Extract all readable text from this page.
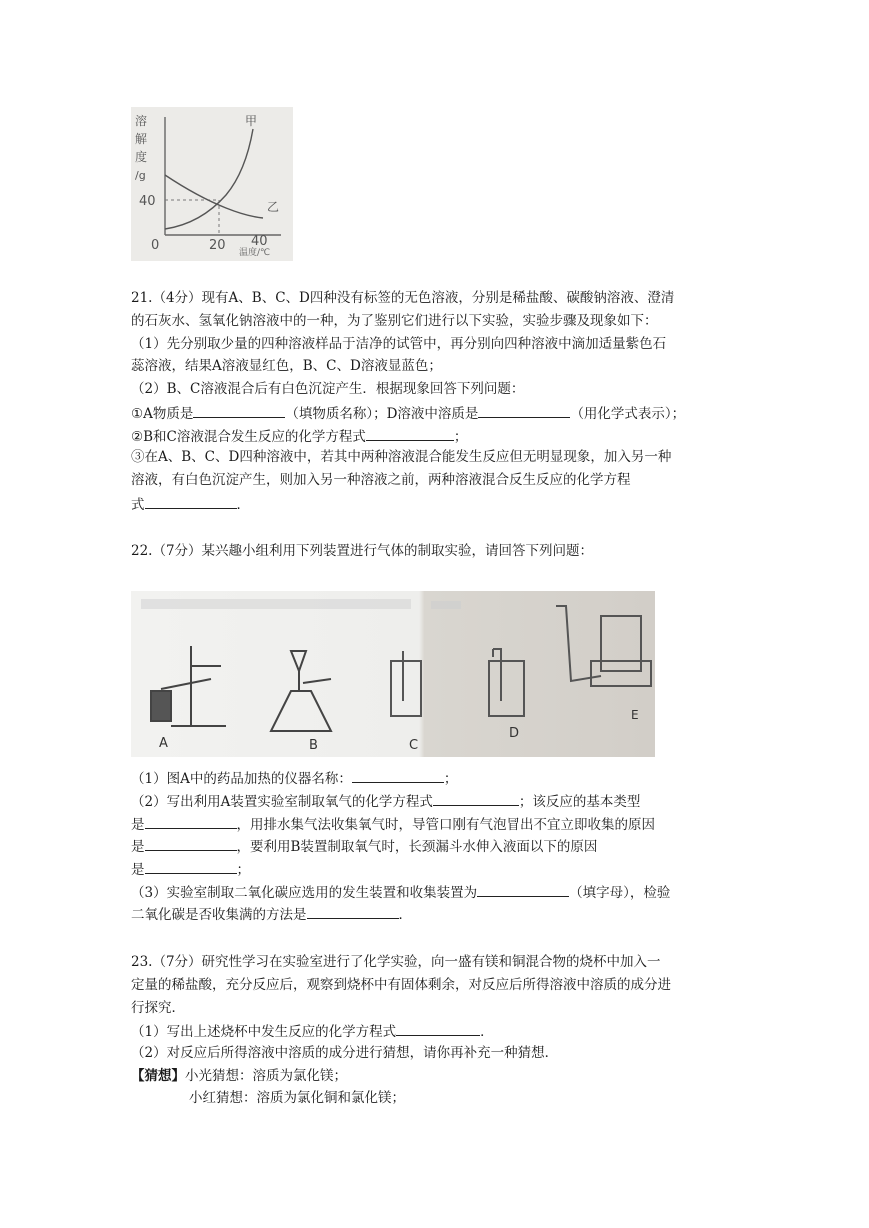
溶
解
度
/g
40
0	20 40
温度/℃
甲
乙
21.（4分）现有A、B、C、D四种没有标签的无色溶液，分别是稀盐酸、碳酸钠溶液、澄清
的石灰水、氢氧化钠溶液中的一种，为了鉴别它们进行以下实验，实验步骤及现象如下：
（1）先分别取少量的四种溶液样品于洁净的试管中，再分别向四种溶液中滴加适量紫色石
蕊溶液，结果A溶液显红色，B、C、D溶液显蓝色；
（2）B、C溶液混合后有白色沉淀产生．根据现象回答下列问题：
①A物质是	（填物质名称）；D溶液中溶质是	（用化学式表示）；
②B和C溶液混合发生反应的化学方程式	；
③在A、B、C、D四种溶液中，若其中两种溶液混合能发生反应但无明显现象，加入另一种
溶液，有白色沉淀产生，则加入另一种溶液之前，两种溶液混合反生反应的化学方程
式	．
22.（7分）某兴趣小组利用下列装置进行气体的制取实验，请回答下列问题：
A	B	C
D
E
（1）图A中的药品加热的仪器名称：	；
（2）写出利用A装置实验室制取氧气的化学方程式	；该反应的基本类型
是	，用排水集气法收集氧气时，导管口刚有气泡冒出不宜立即收集的原因
是	，要利用B装置制取氧气时，长颈漏斗水伸入液面以下的原因
是	；
（3）实验室制取二氧化碳应选用的发生装置和收集装置为	（填字母），检验
二氧化碳是否收集满的方法是	．
23.（7分）研究性学习在实验室进行了化学实验，向一盛有镁和铜混合物的烧杯中加入一
定量的稀盐酸，充分反应后，观察到烧杯中有固体剩余，对反应后所得溶液中溶质的成分进
行探究．
（1）写出上述烧杯中发生反应的化学方程式	．
（2）对反应后所得溶液中溶质的成分进行猜想，请你再补充一种猜想．
【猜想】小光猜想：溶质为氯化镁；
小红猜想：溶质为氯化铜和氯化镁；
